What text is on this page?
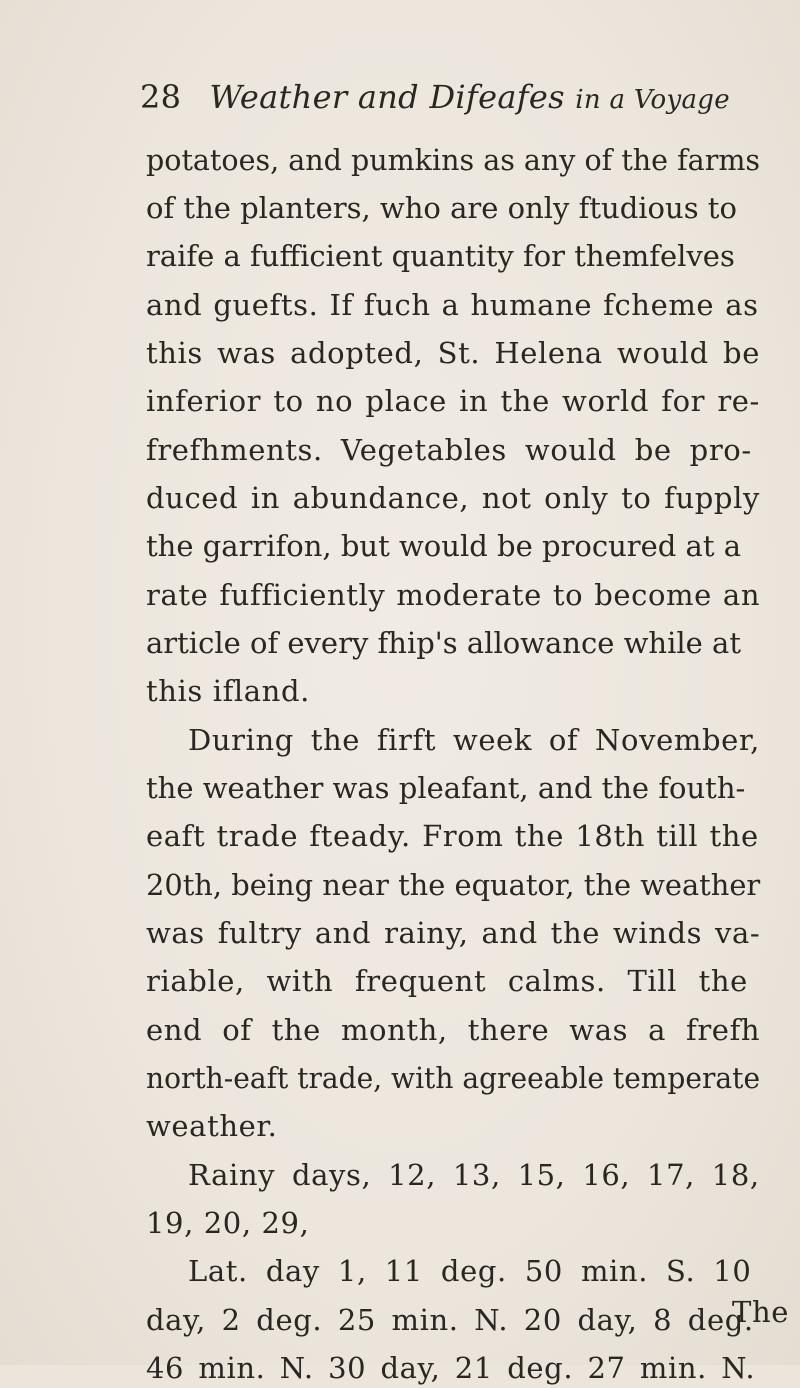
28 Weather and Difeafes in a Voyage
potatoes, and pumkins as any of the farms
of the planters, who are only ftudious to
raife a fufficient quantity for themfelves
and guefts. If fuch a humane fcheme as
this was adopted, St. Helena would be
inferior to no place in the world for re-
frefhments. Vegetables would be pro-
duced in abundance, not only to fupply
the garrifon, but would be procured at a
rate fufficiently moderate to become an
article of every fhip's allowance while at
this ifland.
During the firft week of November,
the weather was pleafant, and the fouth-
eaft trade fteady. From the 18th till the
20th, being near the equator, the weather
was fultry and rainy, and the winds va-
riable, with frequent calms. Till the
end of the month, there was a frefh
north-eaft trade, with agreeable temperate
weather.
Rainy days, 12, 13, 15, 16, 17, 18,
19, 20, 29,
Lat. day 1, 11 deg. 50 min. S. 10
day, 2 deg. 25 min. N. 20 day, 8 deg.
46 min. N. 30 day, 21 deg. 27 min. N.
The
